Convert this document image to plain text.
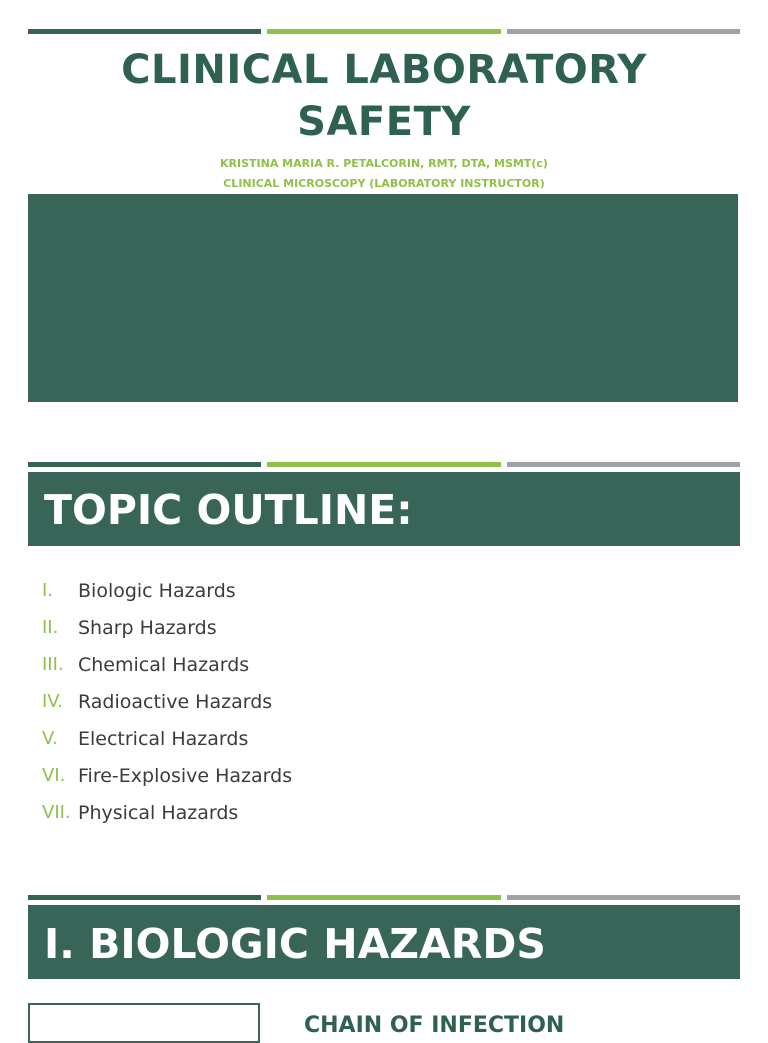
CLINICAL LABORATORY
SAFETY
KRISTINA MARIA R. PETALCORIN, RMT, DTA, MSMT(c)
CLINICAL MICROSCOPY (LABORATORY INSTRUCTOR)
TOPIC OUTLINE:
I.	Biologic Hazards
II.	Sharp Hazards
III. Chemical Hazards
IV. Radioactive Hazards
V.	Electrical Hazards
VI. Fire-Explosive Hazards
VII. Physical Hazards
I. BIOLOGIC HAZARDS
CHAIN OF INFECTION
